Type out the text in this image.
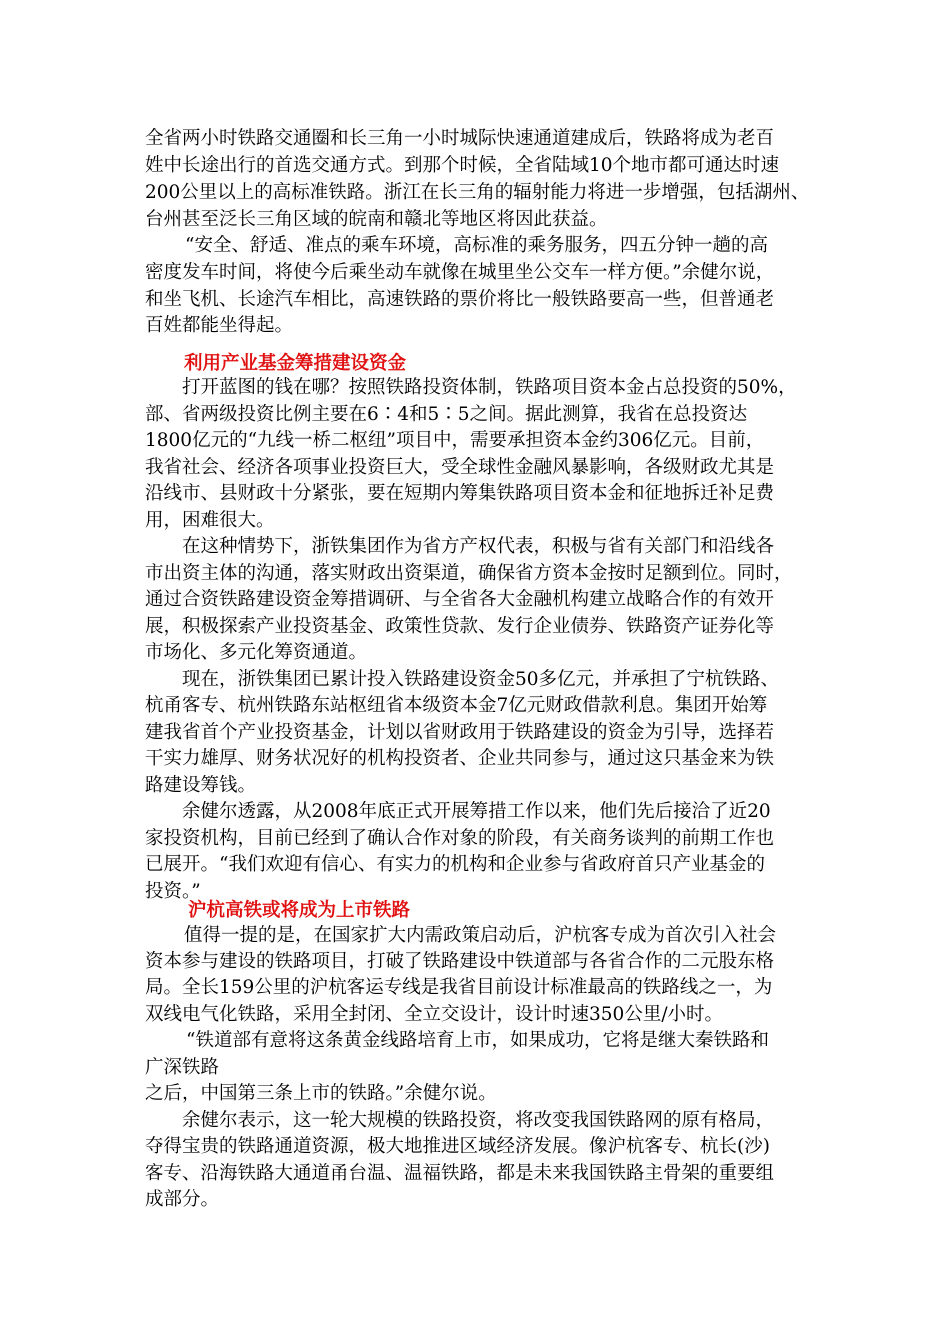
全省两小时铁路交通圈和长三角一小时城际快速通道建成后，铁路将成为老百
姓中长途出行的首选交通方式。到那个时候，全省陆域10个地市都可通达时速
200公里以上的高标准铁路。浙江在长三角的辐射能力将进一步增强，包括湖州、
台州甚至泛长三角区域的皖南和赣北等地区将因此获益。
“安全、舒适、准点的乘车环境，高标准的乘务服务，四五分钟一趟的高
密度发车时间，将使今后乘坐动车就像在城里坐公交车一样方便。”余健尔说，
和坐飞机、长途汽车相比，高速铁路的票价将比一般铁路要高一些，但普通老
百姓都能坐得起。
利用产业基金筹措建设资金
打开蓝图的钱在哪？按照铁路投资体制，铁路项目资本金占总投资的50%，
部、省两级投资比例主要在6∶4和5∶5之间。据此测算，我省在总投资达
1800亿元的“九线一桥二枢纽”项目中，需要承担资本金约306亿元。目前，
我省社会、经济各项事业投资巨大，受全球性金融风暴影响，各级财政尤其是
沿线市、县财政十分紧张，要在短期内筹集铁路项目资本金和征地拆迁补足费
用，困难很大。
在这种情势下，浙铁集团作为省方产权代表，积极与省有关部门和沿线各
市出资主体的沟通，落实财政出资渠道，确保省方资本金按时足额到位。同时，
通过合资铁路建设资金筹措调研、与全省各大金融机构建立战略合作的有效开
展，积极探索产业投资基金、政策性贷款、发行企业债券、铁路资产证券化等
市场化、多元化筹资通道。
现在，浙铁集团已累计投入铁路建设资金50多亿元，并承担了宁杭铁路、
杭甬客专、杭州铁路东站枢纽省本级资本金7亿元财政借款利息。集团开始筹
建我省首个产业投资基金，计划以省财政用于铁路建设的资金为引导，选择若
干实力雄厚、财务状况好的机构投资者、企业共同参与，通过这只基金来为铁
路建设筹钱。
余健尔透露，从2008年底正式开展筹措工作以来，他们先后接洽了近20
家投资机构，目前已经到了确认合作对象的阶段，有关商务谈判的前期工作也
已展开。“我们欢迎有信心、有实力的机构和企业参与省政府首只产业基金的
投资。”
沪杭高铁或将成为上市铁路
值得一提的是，在国家扩大内需政策启动后，沪杭客专成为首次引入社会
资本参与建设的铁路项目，打破了铁路建设中铁道部与各省合作的二元股东格
局。全长159公里的沪杭客运专线是我省目前设计标准最高的铁路线之一，为
双线电气化铁路，采用全封闭、全立交设计，设计时速350公里/小时。
“铁道部有意将这条黄金线路培育上市，如果成功，它将是继大秦铁路和
广深铁路
之后，中国第三条上市的铁路。”余健尔说。
余健尔表示，这一轮大规模的铁路投资，将改变我国铁路网的原有格局，
夺得宝贵的铁路通道资源，极大地推进区域经济发展。像沪杭客专、杭长(沙)
客专、沿海铁路大通道甬台温、温福铁路，都是未来我国铁路主骨架的重要组
成部分。
